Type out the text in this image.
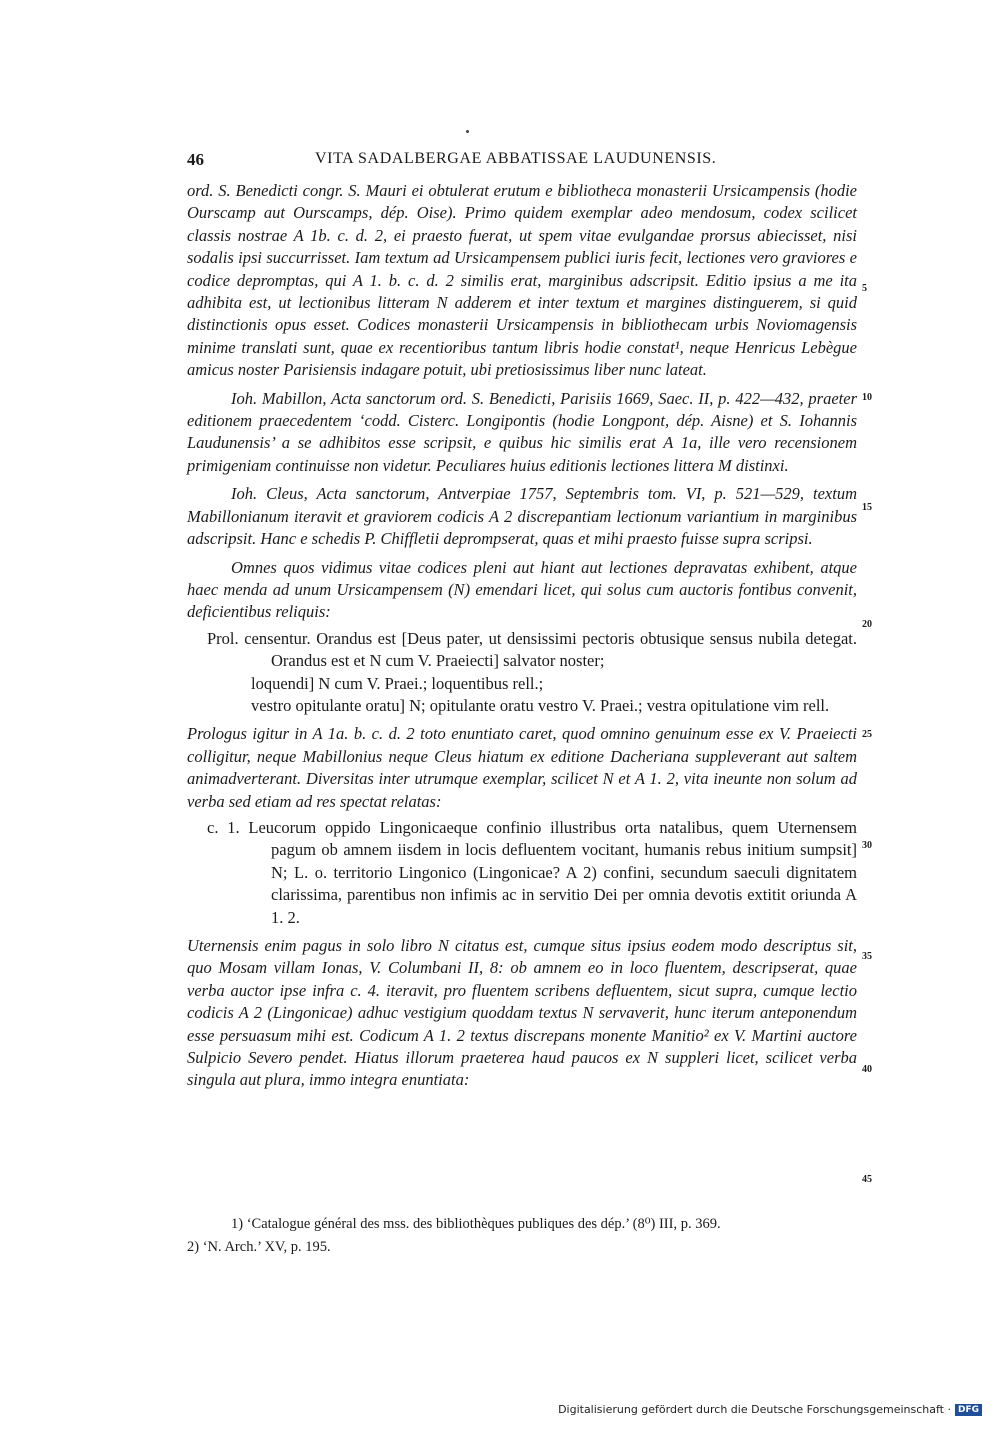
46	VITA SADALBERGAE ABBATISSAE LAUDUNENSIS.

ord. S. Benedicti congr. S. Mauri ei obtulerat erutum e bibliotheca monasterii Ursicampensis (hodie Ourscamp aut Ourscamps, dép. Oise). Primo quidem exemplar adeo mendosum, codex scilicet classis nostrae A 1b. c. d. 2, ei praesto fuerat, ut spem vitae evulgandae prorsus abiecisset, nisi sodalis ipsi succurrisset. Iam textum ad Ursicampensem publici iuris fecit, lectiones vero graviores e codice depromptas, qui A 1. b. c. d. 2 similis erat, marginibus adscripsit. Editio ipsius a me ita adhibita est, ut lectionibus litteram N adderem et inter textum et margines distinguerem, si quid distinctionis opus esset. Codices monasterii Ursicampensis in bibliothecam urbis Noviomagensis minime translati sunt, quae ex recentioribus tantum libris hodie constat¹, neque Henricus Lebègue amicus noster Parisiensis indagare potuit, ubi pretiosissimus liber nunc lateat.

Ioh. Mabillon, Acta sanctorum ord. S. Benedicti, Parisiis 1669, Saec. II, p. 422—432, praeter editionem praecedentem ‘codd. Cisterc. Longipontis (hodie Longpont, dép. Aisne) et S. Iohannis Laudunensis’ a se adhibitos esse scripsit, e quibus hic similis erat A 1a, ille vero recensionem primigeniam continuisse non videtur. Peculiares huius editionis lectiones littera M distinxi.

Ioh. Cleus, Acta sanctorum, Antverpiae 1757, Septembris tom. VI, p. 521—529, textum Mabillonianum iteravit et graviorem codicis A 2 discrepantiam lectionum variantium in marginibus adscripsit. Hanc e schedis P. Chiffletii deprompserat, quas et mihi praesto fuisse supra scripsi.

Omnes quos vidimus vitae codices pleni aut hiant aut lectiones depravatas exhibent, atque haec menda ad unum Ursicampensem (N) emendari licet, qui solus cum auctoris fontibus convenit, deficientibus reliquis:

Prol. censentur. Orandus est [Deus pater, ut densissimi pectoris obtusique sensus nubila detegat. Orandus est et N cum V. Praeiecti] salvator noster;
loquendi] N cum V. Praei.; loquentibus rell.;
vestro opitulante oratu] N; opitulante oratu vestro V. Praei.; vestra opitulatione vim rell.

Prologus igitur in A 1a. b. c. d. 2 toto enuntiato caret, quod omnino genuinum esse ex V. Praeiecti colligitur, neque Mabillonius neque Cleus hiatum ex editione Dacheriana suppleverant aut saltem animadverterant. Diversitas inter utrumque exemplar, scilicet N et A 1. 2, vita ineunte non solum ad verba sed etiam ad res spectat relatas:

c. 1. Leucorum oppido Lingonicaeque confinio illustribus orta natalibus, quem Uternensem pagum ob amnem iisdem in locis defluentem vocitant, humanis rebus initium sumpsit] N; L. o. territorio Lingonico (Lingonicae? A 2) confini, secundum saeculi dignitatem clarissima, parentibus non infimis ac in servitio Dei per omnia devotis extitit oriunda A 1. 2.

Uternensis enim pagus in solo libro N citatus est, cumque situs ipsius eodem modo descriptus sit, quo Mosam villam Ionas, V. Columbani II, 8: ob amnem eo in loco fluentem, descripserat, quae verba auctor ipse infra c. 4. iteravit, pro fluentem scribens defluentem, sicut supra, cumque lectio codicis A 2 (Lingonicae) adhuc vestigium quoddam textus N servaverit, hunc iterum anteponendum esse persuasum mihi est. Codicum A 1. 2 textus discrepans monente Manitio² ex V. Martini auctore Sulpicio Severo pendet. Hiatus illorum praeterea haud paucos ex N suppleri licet, scilicet verba singula aut plura, immo integra enuntiata:

5
10
15
20
25
30
35
40
45
1) ‘Catalogue général des mss. des bibliothèques publiques des dép.’ (8⁰) III, p. 369.
2) ‘N. Arch.’ XV, p. 195.
Digitalisierung gefördert durch die Deutsche Forschungsgemeinschaft · DFG
